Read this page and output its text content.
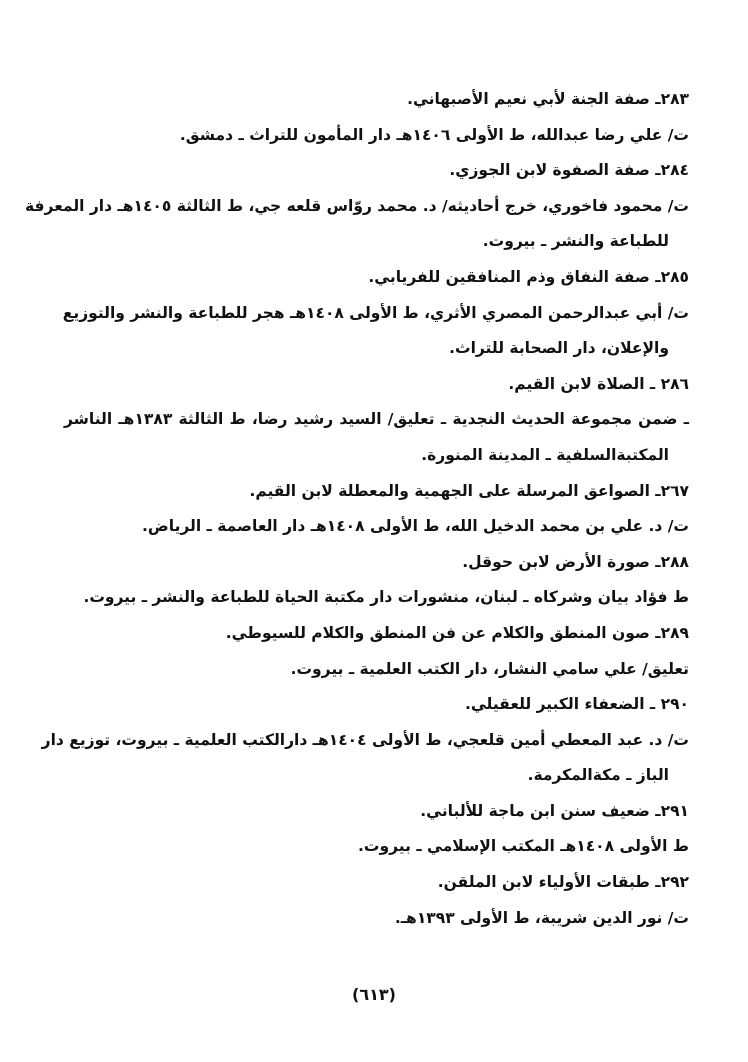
٢٨٣ـ صفة الجنة لأبي نعيم الأصبهاني.
ت/ علي رضا عبدالله، ط الأولى ١٤٠٦هـ دار المأمون للتراث ـ دمشق.
٢٨٤ـ صفة الصفوة لابن الجوزي.
ت/ محمود فاخوري، خرج أحاديثه/ د. محمد روّاس قلعه جي، ط الثالثة ١٤٠٥هـ دار المعرفة
للطباعة والنشر ـ بيروت.
٢٨٥ـ صفة النفاق وذم المنافقين للفريابي.
ت/ أبي عبدالرحمن المصري الأثري، ط الأولى ١٤٠٨هـ هجر للطباعة والنشر والتوزيع
والإعلان، دار الصحابة للتراث.
٢٨٦ ـ الصلاة لابن القيم.
ـ ضمن مجموعة الحديث النجدية ـ تعليق/ السيد رشيد رضا، ط الثالثة ١٣٨٣هـ الناشر
المكتبةالسلفية ـ المدينة المنورة.
٢٦٧ـ الصواعق المرسلة على الجهمية والمعطلة لابن القيم.
ت/ د. علي بن محمد الدخيل الله، ط الأولى ١٤٠٨هـ دار العاصمة ـ الرياض.
٢٨٨ـ صورة الأرض لابن حوقل.
ط فؤاد بيان وشركاه ـ لبنان، منشورات دار مكتبة الحياة للطباعة والنشر ـ بيروت.
٢٨٩ـ صون المنطق والكلام عن فن المنطق والكلام للسيوطي.
تعليق/ علي سامي النشار، دار الكتب العلمية ـ بيروت.
٢٩٠ ـ الضعفاء الكبير للعقيلي.
ت/ د. عبد المعطي أمين قلعجي، ط الأولى ١٤٠٤هـ دارالكتب العلمية ـ بيروت، توزيع دار
الباز ـ مكةالمكرمة.
٢٩١ـ ضعيف سنن ابن ماجة للألباني.
ط الأولى ١٤٠٨هـ المكتب الإسلامي ـ بيروت.
٢٩٢ـ طبقات الأولياء لابن الملقن.
ت/ نور الدين شريبة، ط الأولى ١٣٩٣هـ.
(٦١٣)
